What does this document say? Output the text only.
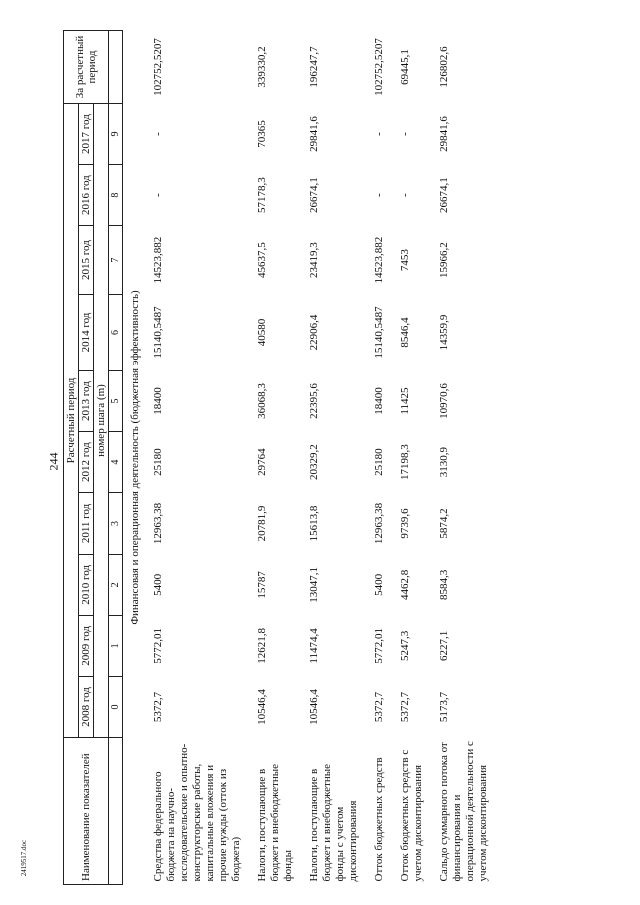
244
Наименование показателей	Расчетный период										За расчетный период
	2008 год	2009 год	2010 год	2011 год	2012 год	2013 год	2014 год	2015 год	2016 год	2017 год	
	номер шага (m)										
	0	1	2	3	4	5	6	7	8	9	
Финансовая и операционная деятельность (бюджетная эффективность)											
Средства федерального бюджета на научно-исследовательские и опытно-конструкторские работы, капитальные вложения и прочие нужды (отток из бюджета)	5372,7	5772,01	5400	12963,38	25180	18400	15140,5487	14523,882	-	-	102752,5207
Налоги, поступающие в бюджет и внебюджетные фонды	10546,4	12621,8	15787	20781,9	29764	36068,3	40580	45637,5	57178,3	70365	339330,2
Налоги, поступающие в бюджет и внебюджетные фонды с учетом дисконтирования	10546,4	11474,4	13047,1	15613,8	20329,2	22395,6	22906,4	23419,3	26674,1	29841,6	196247,7
Отток бюджетных средств	5372,7	5772,01	5400	12963,38	25180	18400	15140,5487	14523,882	-	-	102752,5207
Отток бюджетных средств с учетом дисконтирования	5372,7	5247,3	4462,8	9739,6	17198,3	11425	8546,4	7453	-	-	69445,1
Сальдо суммарного потока от финансирования и операционной деятельности с учетом дисконтирования	5173,7	6227,1	8584,3	5874,2	3130,9	10970,6	14359,9	15966,2	26674,1	29841,6	126802,6
2419517.doc
